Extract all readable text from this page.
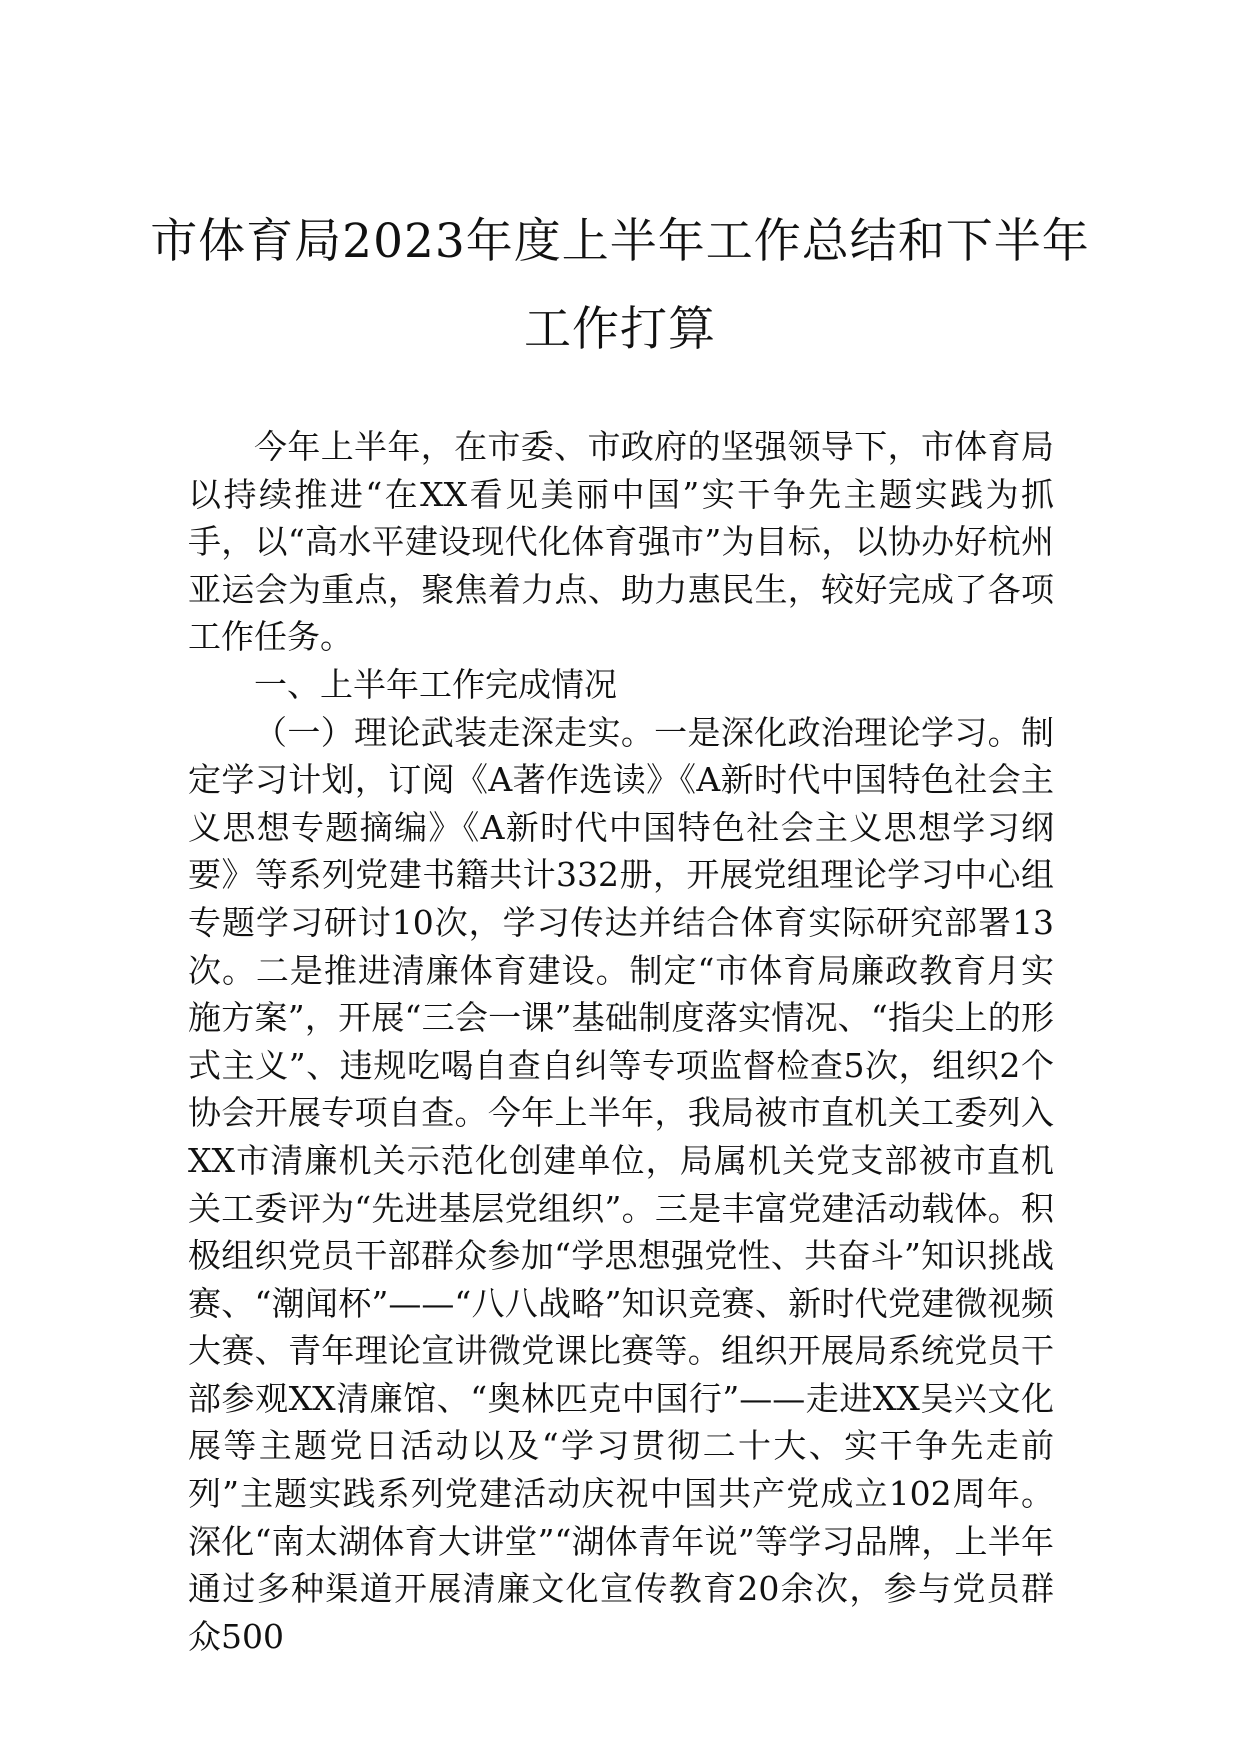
市体育局2023年度上半年工作总结和下半年工作打算

今年上半年，在市委、市政府的坚强领导下，市体育局以持续推进“在XX看见美丽中国”实干争先主题实践为抓手，以“高水平建设现代化体育强市”为目标，以协办好杭州亚运会为重点，聚焦着力点、助力惠民生，较好完成了各项工作任务。

一、上半年工作完成情况

（一）理论武装走深走实。一是深化政治理论学习。制定学习计划，订阅《A著作选读》《A新时代中国特色社会主义思想专题摘编》《A新时代中国特色社会主义思想学习纲要》等系列党建书籍共计332册，开展党组理论学习中心组专题学习研讨10次，学习传达并结合体育实际研究部署13次。二是推进清廉体育建设。制定“市体育局廉政教育月实施方案”，开展“三会一课”基础制度落实情况、“指尖上的形式主义”、违规吃喝自查自纠等专项监督检查5次，组织2个协会开展专项自查。今年上半年，我局被市直机关工委列入XX市清廉机关示范化创建单位，局属机关党支部被市直机关工委评为“先进基层党组织”。三是丰富党建活动载体。积极组织党员干部群众参加“学思想强党性、共奋斗”知识挑战赛、“潮闻杯”——“八八战略”知识竞赛、新时代党建微视频大赛、青年理论宣讲微党课比赛等。组织开展局系统党员干部参观XX清廉馆、“奥林匹克中国行”——走进XX吴兴文化展等主题党日活动以及“学习贯彻二十大、实干争先走前列”主题实践系列党建活动庆祝中国共产党成立102周年。深化“南太湖体育大讲堂”“湖体青年说”等学习品牌，上半年通过多种渠道开展清廉文化宣传教育20余次，参与党员群众500
